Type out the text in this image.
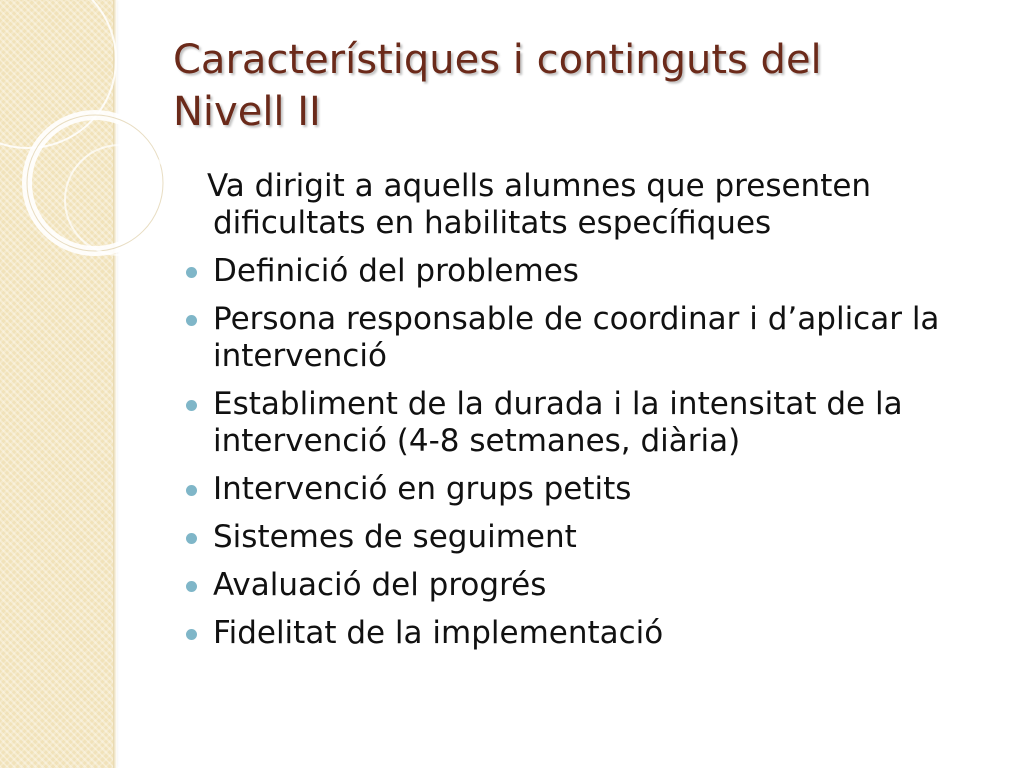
Característiques i continguts del
Nivell II
Va dirigit a aquells alumnes que presenten dificultats en habilitats específiques
Definició del problemes
Persona responsable de coordinar i d’aplicar la intervenció
Establiment de la durada i la intensitat de la intervenció (4-8 setmanes, diària)
Intervenció en grups petits
Sistemes de seguiment
Avaluació del progrés
Fidelitat de la implementació
